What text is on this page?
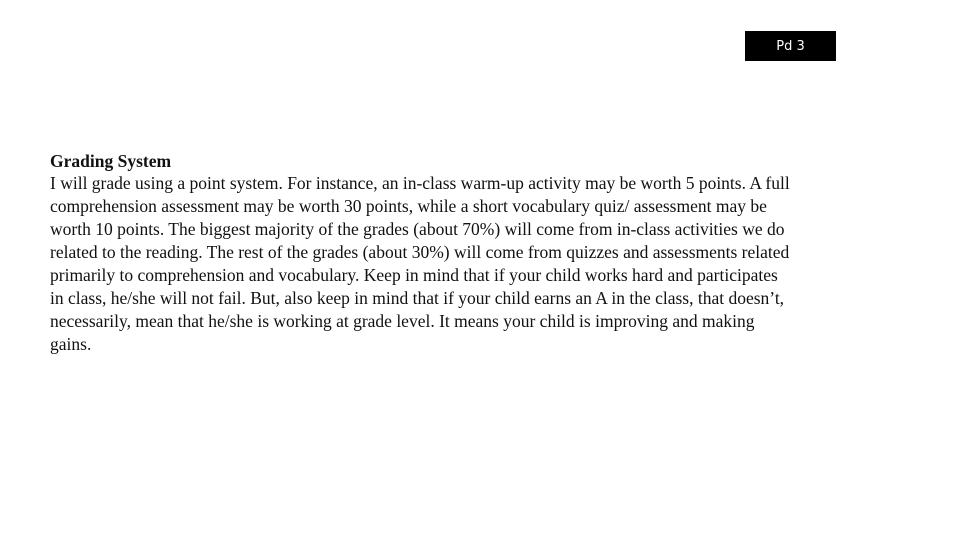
Pd 3
Grading System
I will grade using a point system. For instance, an in-class warm-up activity may be worth 5 points. A full
comprehension assessment may be worth 30 points, while a short vocabulary quiz/ assessment may be
worth 10 points. The biggest majority of the grades (about 70%) will come from in-class activities we do
related to the reading. The rest of the grades (about 30%) will come from quizzes and assessments related
primarily to comprehension and vocabulary. Keep in mind that if your child works hard and participates
in class, he/she will not fail. But, also keep in mind that if your child earns an A in the class, that doesn’t,
necessarily, mean that he/she is working at grade level. It means your child is improving and making
gains.
